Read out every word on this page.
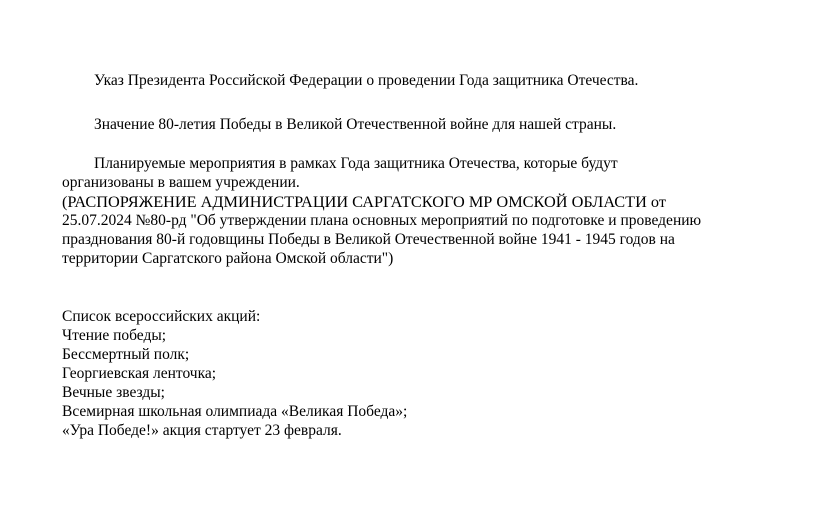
Указ Президента Российской Федерации о проведении Года защитника Отечества.

Значение 80-летия Победы в Великой Отечественной войне для нашей страны.

Планируемые мероприятия в рамках Года защитника Отечества, которые будут
организованы в вашем учреждении.
(РАСПОРЯЖЕНИЕ АДМИНИСТРАЦИИ САРГАТСКОГО МР ОМСКОЙ ОБЛАСТИ от
25.07.2024 №80-рд "Об утверждении плана основных мероприятий по подготовке и проведению
празднования 80-й годовщины Победы в Великой Отечественной войне 1941 - 1945 годов на
территории Саргатского района Омской области")
Список всероссийских акций:
Чтение победы;
Бессмертный полк;
Георгиевская ленточка;
Вечные звезды;
Всемирная школьная олимпиада «Великая Победа»;
«Ура Победе!» акция стартует 23 февраля.
